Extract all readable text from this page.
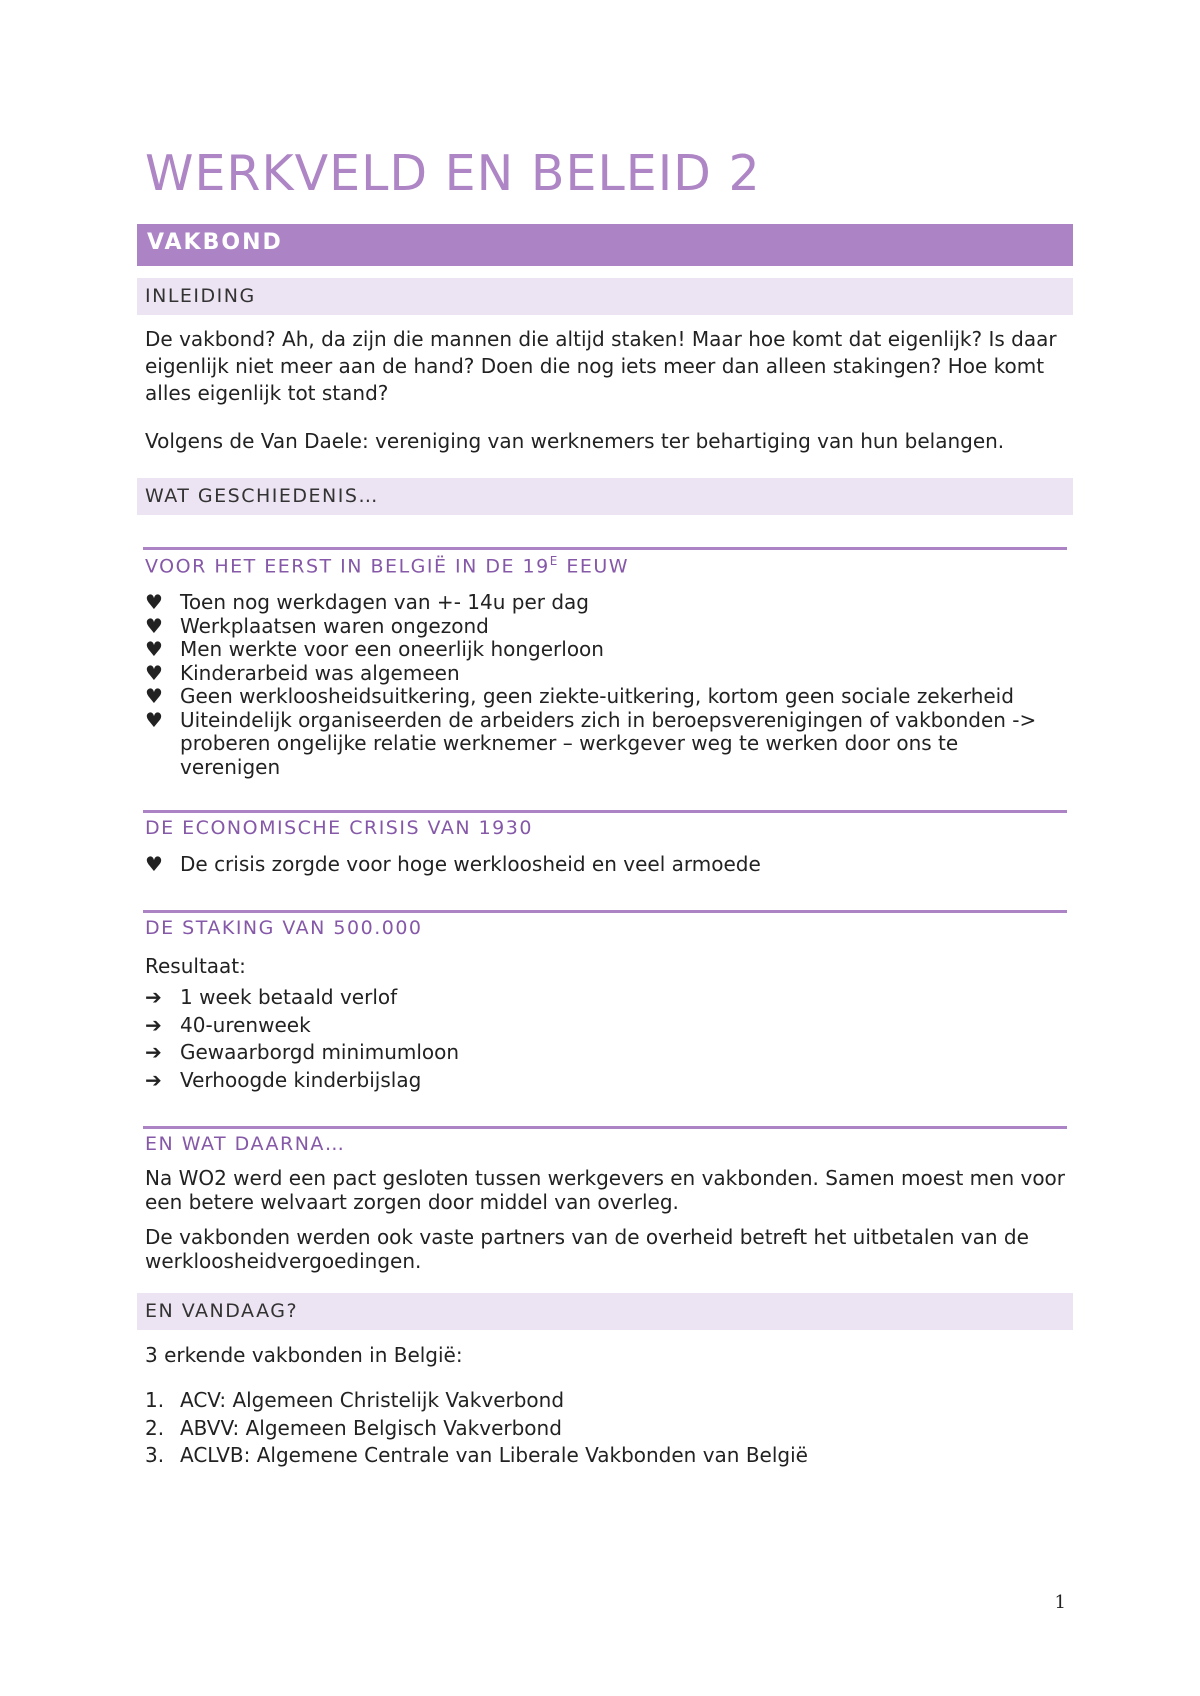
WERKVELD EN BELEID 2
VAKBOND
INLEIDING
De vakbond? Ah, da zijn die mannen die altijd staken! Maar hoe komt dat eigenlijk? Is daar eigenlijk niet meer aan de hand? Doen die nog iets meer dan alleen stakingen? Hoe komt alles eigenlijk tot stand?
Volgens de Van Daele: vereniging van werknemers ter behartiging van hun belangen.
WAT GESCHIEDENIS…
VOOR HET EERST IN BELGIË IN DE $19^E$ EEUW
♥ Toen nog werkdagen van +- 14u per dag
♥ Werkplaatsen waren ongezond
♥ Men werkte voor een oneerlijk hongerloon
♥ Kinderarbeid was algemeen
♥ Geen werkloosheidsuitkering, geen ziekte-uitkering, kortom geen sociale zekerheid
♥ Uiteindelijk organiseerden de arbeiders zich in beroepsverenigingen of vakbonden ->
proberen ongelijke relatie werknemer – werkgever weg te werken door ons te
verenigen
DE ECONOMISCHE CRISIS VAN 1930
♥ De crisis zorgde voor hoge werkloosheid en veel armoede
DE STAKING VAN 500.000
Resultaat:
➔ 1 week betaald verlof
➔ 40-urenweek
➔ Gewaarborgd minimumloon
➔ Verhoogde kinderbijslag
EN WAT DAARNA…
Na WO2 werd een pact gesloten tussen werkgevers en vakbonden. Samen moest men voor een betere welvaart zorgen door middel van overleg.
De vakbonden werden ook vaste partners van de overheid betreft het uitbetalen van de werkloosheidvergoedingen.
EN VANDAAG?
3 erkende vakbonden in België:
1. ACV: Algemeen Christelijk Vakverbond
2. ABVV: Algemeen Belgisch Vakverbond
3. ACLVB: Algemene Centrale van Liberale Vakbonden van België
1
